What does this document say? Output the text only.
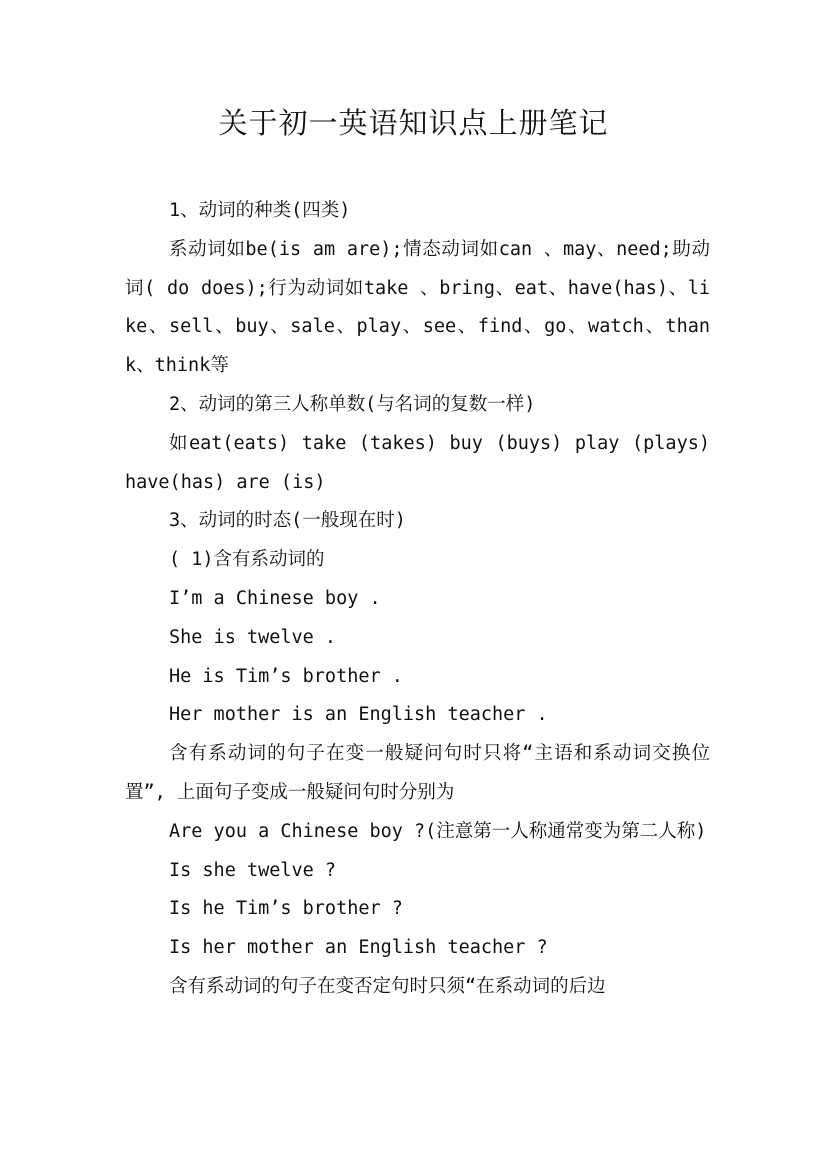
关于初一英语知识点上册笔记

1、动词的种类(四类)

系动词如be(is am are);情态动词如can 、may、need;助动词( do does);行为动词如take 、bring、eat、have(has)、like、sell、buy、sale、play、see、find、go、watch、thank、think等

2、动词的第三人称单数(与名词的复数一样)

如eat(eats) take (takes) buy (buys) play (plays) have(has) are (is)

3、动词的时态(一般现在时)

( 1)含有系动词的

I’m a Chinese boy .

She is twelve .

He is Tim’s brother .

Her mother is an English teacher .

含有系动词的句子在变一般疑问句时只将“主语和系动词交换位置”, 上面句子变成一般疑问句时分别为

Are you a Chinese boy ?(注意第一人称通常变为第二人称)

Is she twelve ?

Is he Tim’s brother ?

Is her mother an English teacher ?

含有系动词的句子在变否定句时只须“在系动词的后边
